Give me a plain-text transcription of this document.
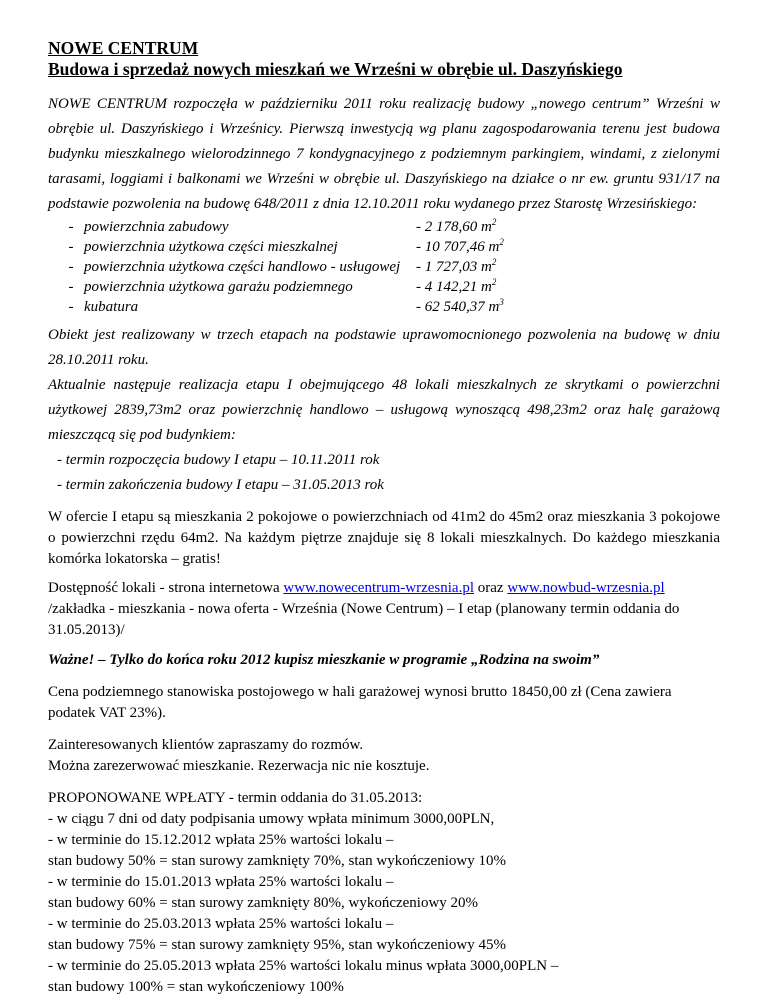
NOWE CENTRUM

Budowa i sprzedaż nowych mieszkań we Wrześni w obrębie ul. Daszyńskiego

NOWE CENTRUM rozpoczęła w październiku 2011 roku realizację budowy „nowego centrum” Wrześni w obrębie ul. Daszyńskiego i Wrześnicy. Pierwszą inwestycją wg planu zagospodarowania terenu jest budowa budynku mieszkalnego wielorodzinnego 7 kondygnacyjnego z podziemnym parkingiem, windami, z zielonymi tarasami, loggiami i balkonami we Wrześni w obrębie ul. Daszyńskiego na działce o nr ew. gruntu 931/17 na podstawie pozwolenia na budowę 648/2011 z dnia 12.10.2011 roku wydanego przez Starostę Wrzesińskiego:

- powierzchnia zabudowy	- 2 178,60 $m^2$
- powierzchnia użytkowa części mieszkalnej	- 10 707,46 $m^2$
- powierzchnia użytkowa części handlowo - usługowej	- 1 727,03 $m^2$
- powierzchnia użytkowa garażu podziemnego	- 4 142,21 $m^2$
- kubatura	- 62 540,37 $m^3$

Obiekt jest realizowany w trzech etapach na podstawie uprawomocnionego pozwolenia na budowę w dniu 28.10.2011 roku.

Aktualnie następuje realizacja etapu I obejmującego 48 lokali mieszkalnych ze skrytkami o powierzchni użytkowej 2839,73m2 oraz powierzchnię handlowo – usługową wynoszącą 498,23m2 oraz halę garażową mieszczącą się pod budynkiem:

- termin rozpoczęcia budowy I etapu – 10.11.2011 rok

- termin zakończenia budowy I etapu – 31.05.2013 rok

W ofercie I etapu są mieszkania 2 pokojowe o powierzchniach od 41m2 do 45m2 oraz mieszkania 3 pokojowe o powierzchni rzędu 64m2. Na każdym piętrze znajduje się 8 lokali mieszkalnych. Do każdego mieszkania komórka lokatorska – gratis!

Dostępność lokali - strona internetowa www.nowecentrum-wrzesnia.pl oraz www.nowbud-wrzesnia.pl /zakładka - mieszkania - nowa oferta - Września (Nowe Centrum) – I etap (planowany termin oddania do 31.05.2013)/

Ważne! – Tylko do końca roku 2012 kupisz mieszkanie w programie „Rodzina na swoim”

Cena podziemnego stanowiska postojowego w hali garażowej wynosi brutto 18450,00 zł (Cena zawiera podatek VAT 23%).

Zainteresowanych klientów zapraszamy do rozmów.

Można zarezerwować mieszkanie. Rezerwacja nic nie kosztuje.

PROPONOWANE WPŁATY - termin oddania do 31.05.2013:

- w ciągu 7 dni od daty podpisania umowy wpłata minimum 3000,00PLN,

- w terminie do 15.12.2012 wpłata 25% wartości lokalu –

stan budowy 50% = stan surowy zamknięty 70%, stan wykończeniowy 10%

- w terminie do 15.01.2013 wpłata 25% wartości lokalu –

stan budowy 60% = stan surowy zamknięty 80%, wykończeniowy 20%

- w terminie do 25.03.2013 wpłata 25% wartości lokalu –

stan budowy 75% = stan surowy zamknięty 95%, stan wykończeniowy 45%

- w terminie do 25.05.2013 wpłata 25% wartości lokalu minus wpłata 3000,00PLN –

stan budowy 100% = stan wykończeniowy 100%
